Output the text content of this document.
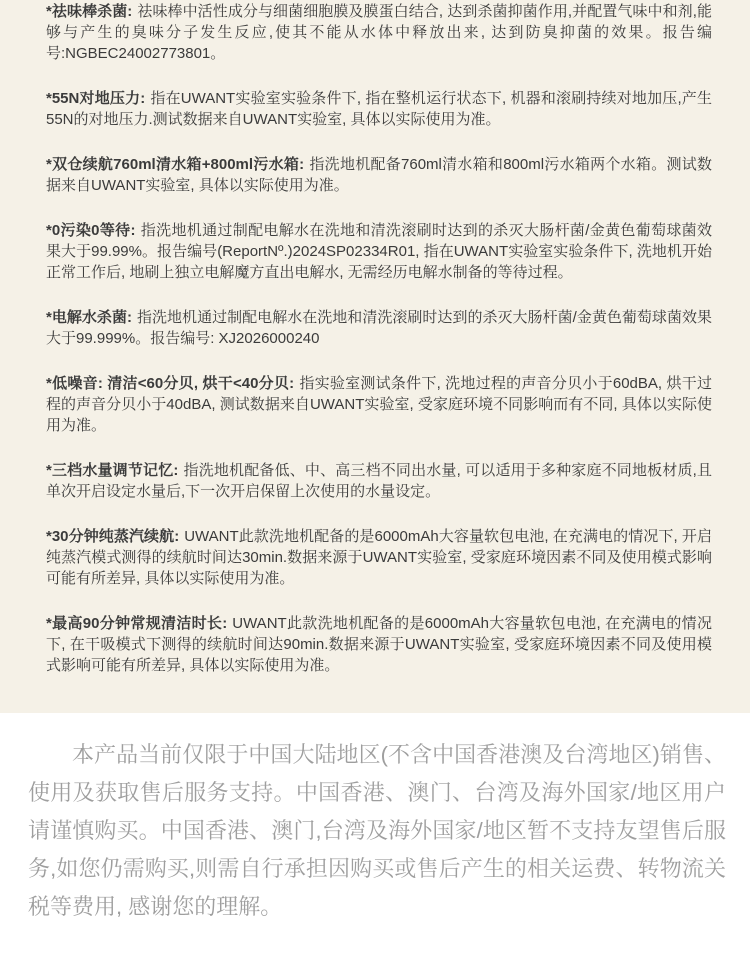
*祛味棒杀菌: 祛味棒中活性成分与细菌细胞膜及膜蛋白结合, 达到杀菌抑菌作用,并配置气味中和剂,能够与产生的臭味分子发生反应,使其不能从水体中释放出来, 达到防臭抑菌的效果。报告编号:NGBEC24002773801。

*55N对地压力: 指在UWANT实验室实验条件下, 指在整机运行状态下, 机器和滚刷持续对地加压,产生55N的对地压力.测试数据来自UWANT实验室, 具体以实际使用为准。

*双仓续航760ml清水箱+800ml污水箱: 指洗地机配备760ml清水箱和800ml污水箱两个水箱。测试数据来自UWANT实验室, 具体以实际使用为准。

*0污染0等待: 指洗地机通过制配电解水在洗地和清洗滚刷时达到的杀灭大肠杆菌/金黄色葡萄球菌效果大于99.99%。报告编号(ReportNº.)2024SP02334R01, 指在UWANT实验室实验条件下, 洗地机开始正常工作后, 地刷上独立电解魔方直出电解水, 无需经历电解水制备的等待过程。

*电解水杀菌: 指洗地机通过制配电解水在洗地和清洗滚刷时达到的杀灭大肠杆菌/金黄色葡萄球菌效果大于99.999%。报告编号: XJ2026000240

*低噪音: 清洁<60分贝, 烘干<40分贝: 指实验室测试条件下, 洗地过程的声音分贝小于60dBA, 烘干过程的声音分贝小于40dBA, 测试数据来自UWANT实验室, 受家庭环境不同影响而有不同, 具体以实际使用为准。

*三档水量调节记忆: 指洗地机配备低、中、高三档不同出水量, 可以适用于多种家庭不同地板材质,且单次开启设定水量后,下一次开启保留上次使用的水量设定。

*30分钟纯蒸汽续航: UWANT此款洗地机配备的是6000mAh大容量软包电池, 在充满电的情况下, 开启纯蒸汽模式测得的续航时间达30min.数据来源于UWANT实验室, 受家庭环境因素不同及使用模式影响可能有所差异, 具体以实际使用为准。

*最高90分钟常规清洁时长: UWANT此款洗地机配备的是6000mAh大容量软包电池, 在充满电的情况下, 在干吸模式下测得的续航时间达90min.数据来源于UWANT实验室, 受家庭环境因素不同及使用模式影响可能有所差异, 具体以实际使用为准。

本产品当前仅限于中国大陆地区(不含中国香港澳及台湾地区)销售、使用及获取售后服务支持。中国香港、澳门、台湾及海外国家/地区用户请谨慎购买。中国香港、澳门,台湾及海外国家/地区暂不支持友望售后服务,如您仍需购买,则需自行承担因购买或售后产生的相关运费、转物流关税等费用, 感谢您的理解。
